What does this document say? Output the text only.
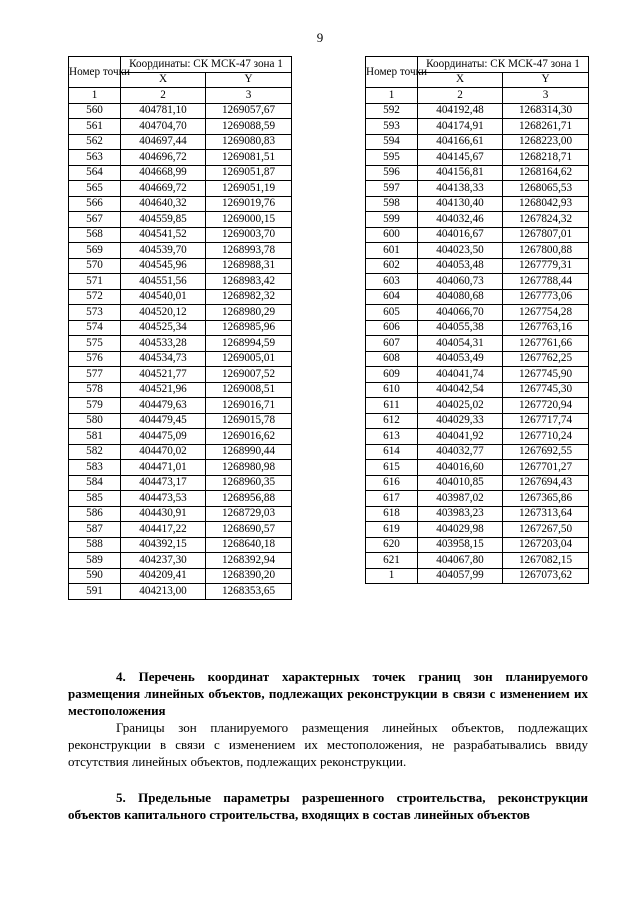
9
Номер точки	Координаты: СК МСК-47 зона 1	
	X	Y
1	2	3
560	404781,10	1269057,67
561	404704,70	1269088,59
562	404697,44	1269080,83
563	404696,72	1269081,51
564	404668,99	1269051,87
565	404669,72	1269051,19
566	404640,32	1269019,76
567	404559,85	1269000,15
568	404541,52	1269003,70
569	404539,70	1268993,78
570	404545,96	1268988,31
571	404551,56	1268983,42
572	404540,01	1268982,32
573	404520,12	1268980,29
574	404525,34	1268985,96
575	404533,28	1268994,59
576	404534,73	1269005,01
577	404521,77	1269007,52
578	404521,96	1269008,51
579	404479,63	1269016,71
580	404479,45	1269015,78
581	404475,09	1269016,62
582	404470,02	1268990,44
583	404471,01	1268980,98
584	404473,17	1268960,35
585	404473,53	1268956,88
586	404430,91	1268729,03
587	404417,22	1268690,57
588	404392,15	1268640,18
589	404237,30	1268392,94
590	404209,41	1268390,20
591	404213,00	1268353,65
Номер точки	Координаты: СК МСК-47 зона 1	
	X	Y
1	2	3
592	404192,48	1268314,30
593	404174,91	1268261,71
594	404166,61	1268223,00
595	404145,67	1268218,71
596	404156,81	1268164,62
597	404138,33	1268065,53
598	404130,40	1268042,93
599	404032,46	1267824,32
600	404016,67	1267807,01
601	404023,50	1267800,88
602	404053,48	1267779,31
603	404060,73	1267788,44
604	404080,68	1267773,06
605	404066,70	1267754,28
606	404055,38	1267763,16
607	404054,31	1267761,66
608	404053,49	1267762,25
609	404041,74	1267745,90
610	404042,54	1267745,30
611	404025,02	1267720,94
612	404029,33	1267717,74
613	404041,92	1267710,24
614	404032,77	1267692,55
615	404016,60	1267701,27
616	404010,85	1267694,43
617	403987,02	1267365,86
618	403983,23	1267313,64
619	404029,98	1267267,50
620	403958,15	1267203,04
621	404067,80	1267082,15
1	404057,99	1267073,62

4. Перечень координат характерных точек границ зон планируемого размещения линейных объектов, подлежащих реконструкции в связи с изменением их местоположения

Границы зон планируемого размещения линейных объектов, подлежащих реконструкции в связи с изменением их местоположения, не разрабатывались ввиду отсутствия линейных объектов, подлежащих реконструкции.

5. Предельные параметры разрешенного строительства, реконструкции объектов капитального строительства, входящих в состав линейных объектов
